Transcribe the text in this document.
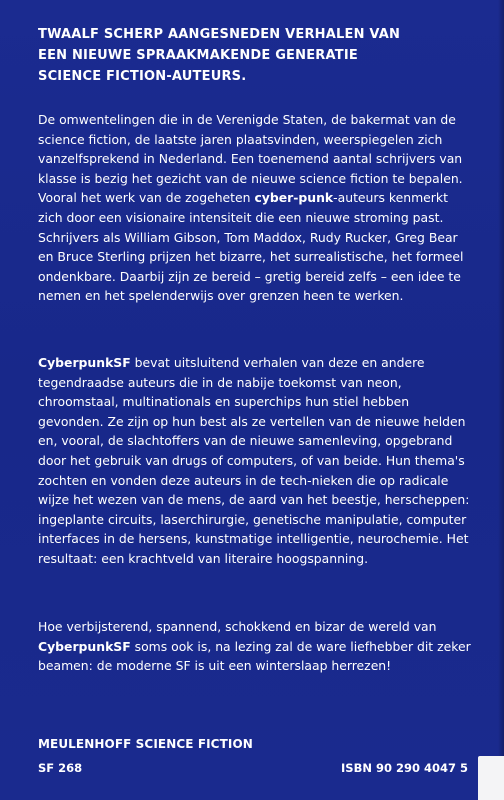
TWAALF SCHERP AANGESNEDEN VERHALEN VAN
EEN NIEUWE SPRAAKMAKENDE GENERATIE
SCIENCE FICTION-AUTEURS.

De omwentelingen die in de Verenigde Staten, de bakermat van de science fiction, de laatste jaren plaatsvinden, weerspiegelen zich vanzelfsprekend in Nederland. Een toenemend aantal schrijvers van klasse is bezig het gezicht van de nieuwe science fiction te bepalen. Vooral het werk van de zogeheten cyber-punk-auteurs kenmerkt zich door een visionaire intensiteit die een nieuwe stroming past. Schrijvers als William Gibson, Tom Maddox, Rudy Rucker, Greg Bear en Bruce Sterling prijzen het bizarre, het surrealistische, het formeel ondenkbare. Daarbij zijn ze bereid – gretig bereid zelfs – een idee te nemen en het spelenderwijs over grenzen heen te werken.

CyberpunkSF bevat uitsluitend verhalen van deze en andere tegendraadse auteurs die in de nabije toekomst van neon, chroomstaal, multinationals en superchips hun stiel hebben gevonden. Ze zijn op hun best als ze vertellen van de nieuwe helden en, vooral, de slachtoffers van de nieuwe samenleving, opgebrand door het gebruik van drugs of computers, of van beide. Hun thema's zochten en vonden deze auteurs in de tech-nieken die op radicale wijze het wezen van de mens, de aard van het beestje, herscheppen: ingeplante circuits, laserchirurgie, genetische manipulatie, computer interfaces in de hersens, kunstmatige intelligentie, neurochemie. Het resultaat: een krachtveld van literaire hoogspanning.

Hoe verbijsterend, spannend, schokkend en bizar de wereld van CyberpunkSF soms ook is, na lezing zal de ware liefhebber dit zeker beamen: de moderne SF is uit een winterslaap herrezen!

MEULENHOFF SCIENCE FICTION

SF 268	ISBN 90 290 4047 5
